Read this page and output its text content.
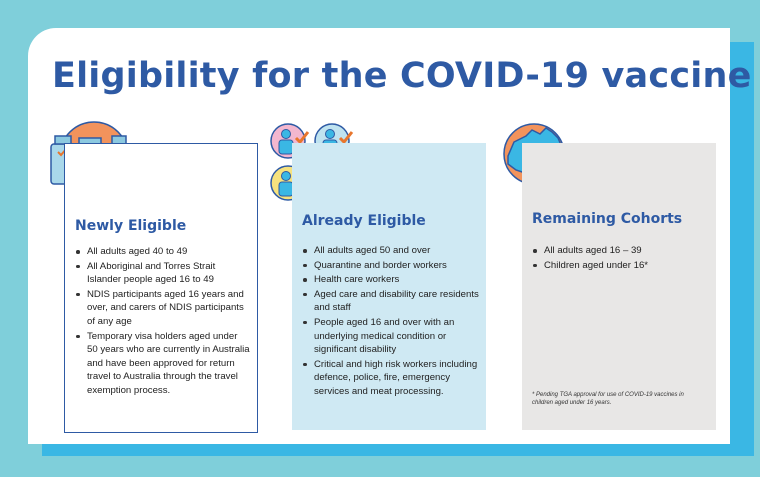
Eligibility for the COVID-19 vaccine
Newly Eligible
All adults aged 40 to 49
All Aboriginal and Torres Strait Islander people aged 16 to 49
NDIS participants aged 16 years and over, and carers of NDIS participants of any age
Temporary visa holders aged under 50 years who are currently in Australia and have been approved for return travel to Australia through the travel exemption process.
Already Eligible
All adults aged 50 and over
Quarantine and border workers
Health care workers
Aged care and disability care residents and staff
People aged 16 and over with an underlying medical condition or significant disability
Critical and high risk workers including defence, police, fire, emergency services and meat processing.
Remaining Cohorts
All adults aged 16 – 39
Children aged under 16*
* Pending TGA approval for use of COVID-19 vaccines in children aged under 16 years.
